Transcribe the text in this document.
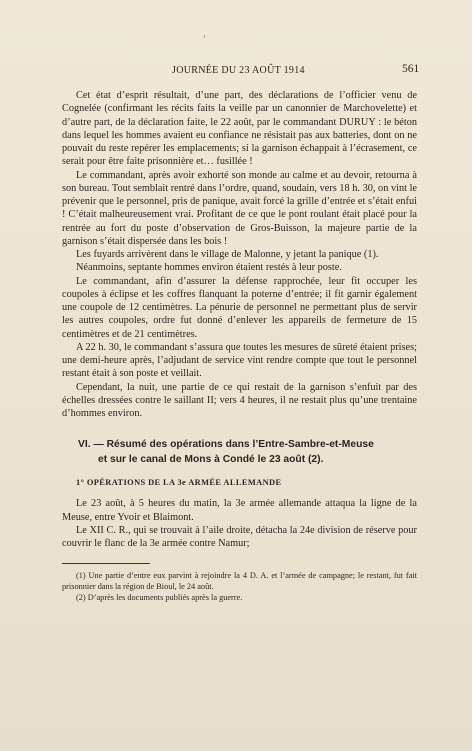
’
JOURNÉE DU 23 AOÛT 1914	561

Cet état d’esprit résultait, d’une part, des déclarations de l’officier venu de Cognelée (confirmant les récits faits la veille par un canonnier de Marchovelette) et d’autre part, de la déclaration faite, le 22 août, par le commandant DURUY : le béton dans lequel les hommes avaient eu confiance ne résistait pas aux batteries, dont on ne pouvait du reste repérer les emplacements; si la garnison échappait à l’écrasement, ce serait pour être faite prisonnière et… fusillée !

Le commandant, après avoir exhorté son monde au calme et au devoir, retourna à son bureau. Tout semblait rentré dans l’ordre, quand, soudain, vers 18 h. 30, on vint le prévenir que le personnel, pris de panique, avait forcé la grille d’entrée et s’était enfui ! C’était malheureusement vrai. Profitant de ce que le pont roulant était placé pour la rentrée au fort du poste d’observation de Gros-Buisson, la majeure partie de la garnison s’était dispersée dans les bois !

Les fuyards arrivèrent dans le village de Malonne, y jetant la panique (1).

Néanmoins, septante hommes environ étaient restés à leur poste.

Le commandant, afin d’assurer la défense rapprochée, leur fit occuper les coupoles à éclipse et les coffres flanquant la poterne d’entrée; il fit garnir également une coupole de 12 centimètres. La pénurie de personnel ne permettant plus de servir les autres coupoles, ordre fut donné d’enlever les appareils de fermeture de 15 centimètres et de 21 centimètres.

A 22 h. 30, le commandant s’assura que toutes les mesures de sûreté étaient prises; une demi-heure après, l’adjudant de service vint rendre compte que tout le personnel restant était à son poste et veillait.

Cependant, la nuit, une partie de ce qui restait de la garnison s’enfuit par des échelles dressées contre le saillant II; vers 4 heures, il ne restait plus qu’une trentaine d’hommes environ.

VI. — Résumé des opérations dans l’Entre-Sambre-et-Meuse
et sur le canal de Mons à Condé le 23 août (2).
1° OPÉRATIONS DE LA 3e ARMÉE ALLEMANDE

Le 23 août, à 5 heures du matin, la 3e armée allemande attaqua la ligne de la Meuse, entre Yvoir et Blaimont.

Le XII C. R., qui se trouvait à l’aile droite, détacha la 24e division de réserve pour couvrir le flanc de la 3e armée contre Namur;

(1) Une partie d’entre eux parvint à rejoindre la 4 D. A. et l’armée de campagne; le restant, fut fait prisonnier dans la région de Bioul, le 24 août.

(2) D’après les documents publiés après la guerre.
